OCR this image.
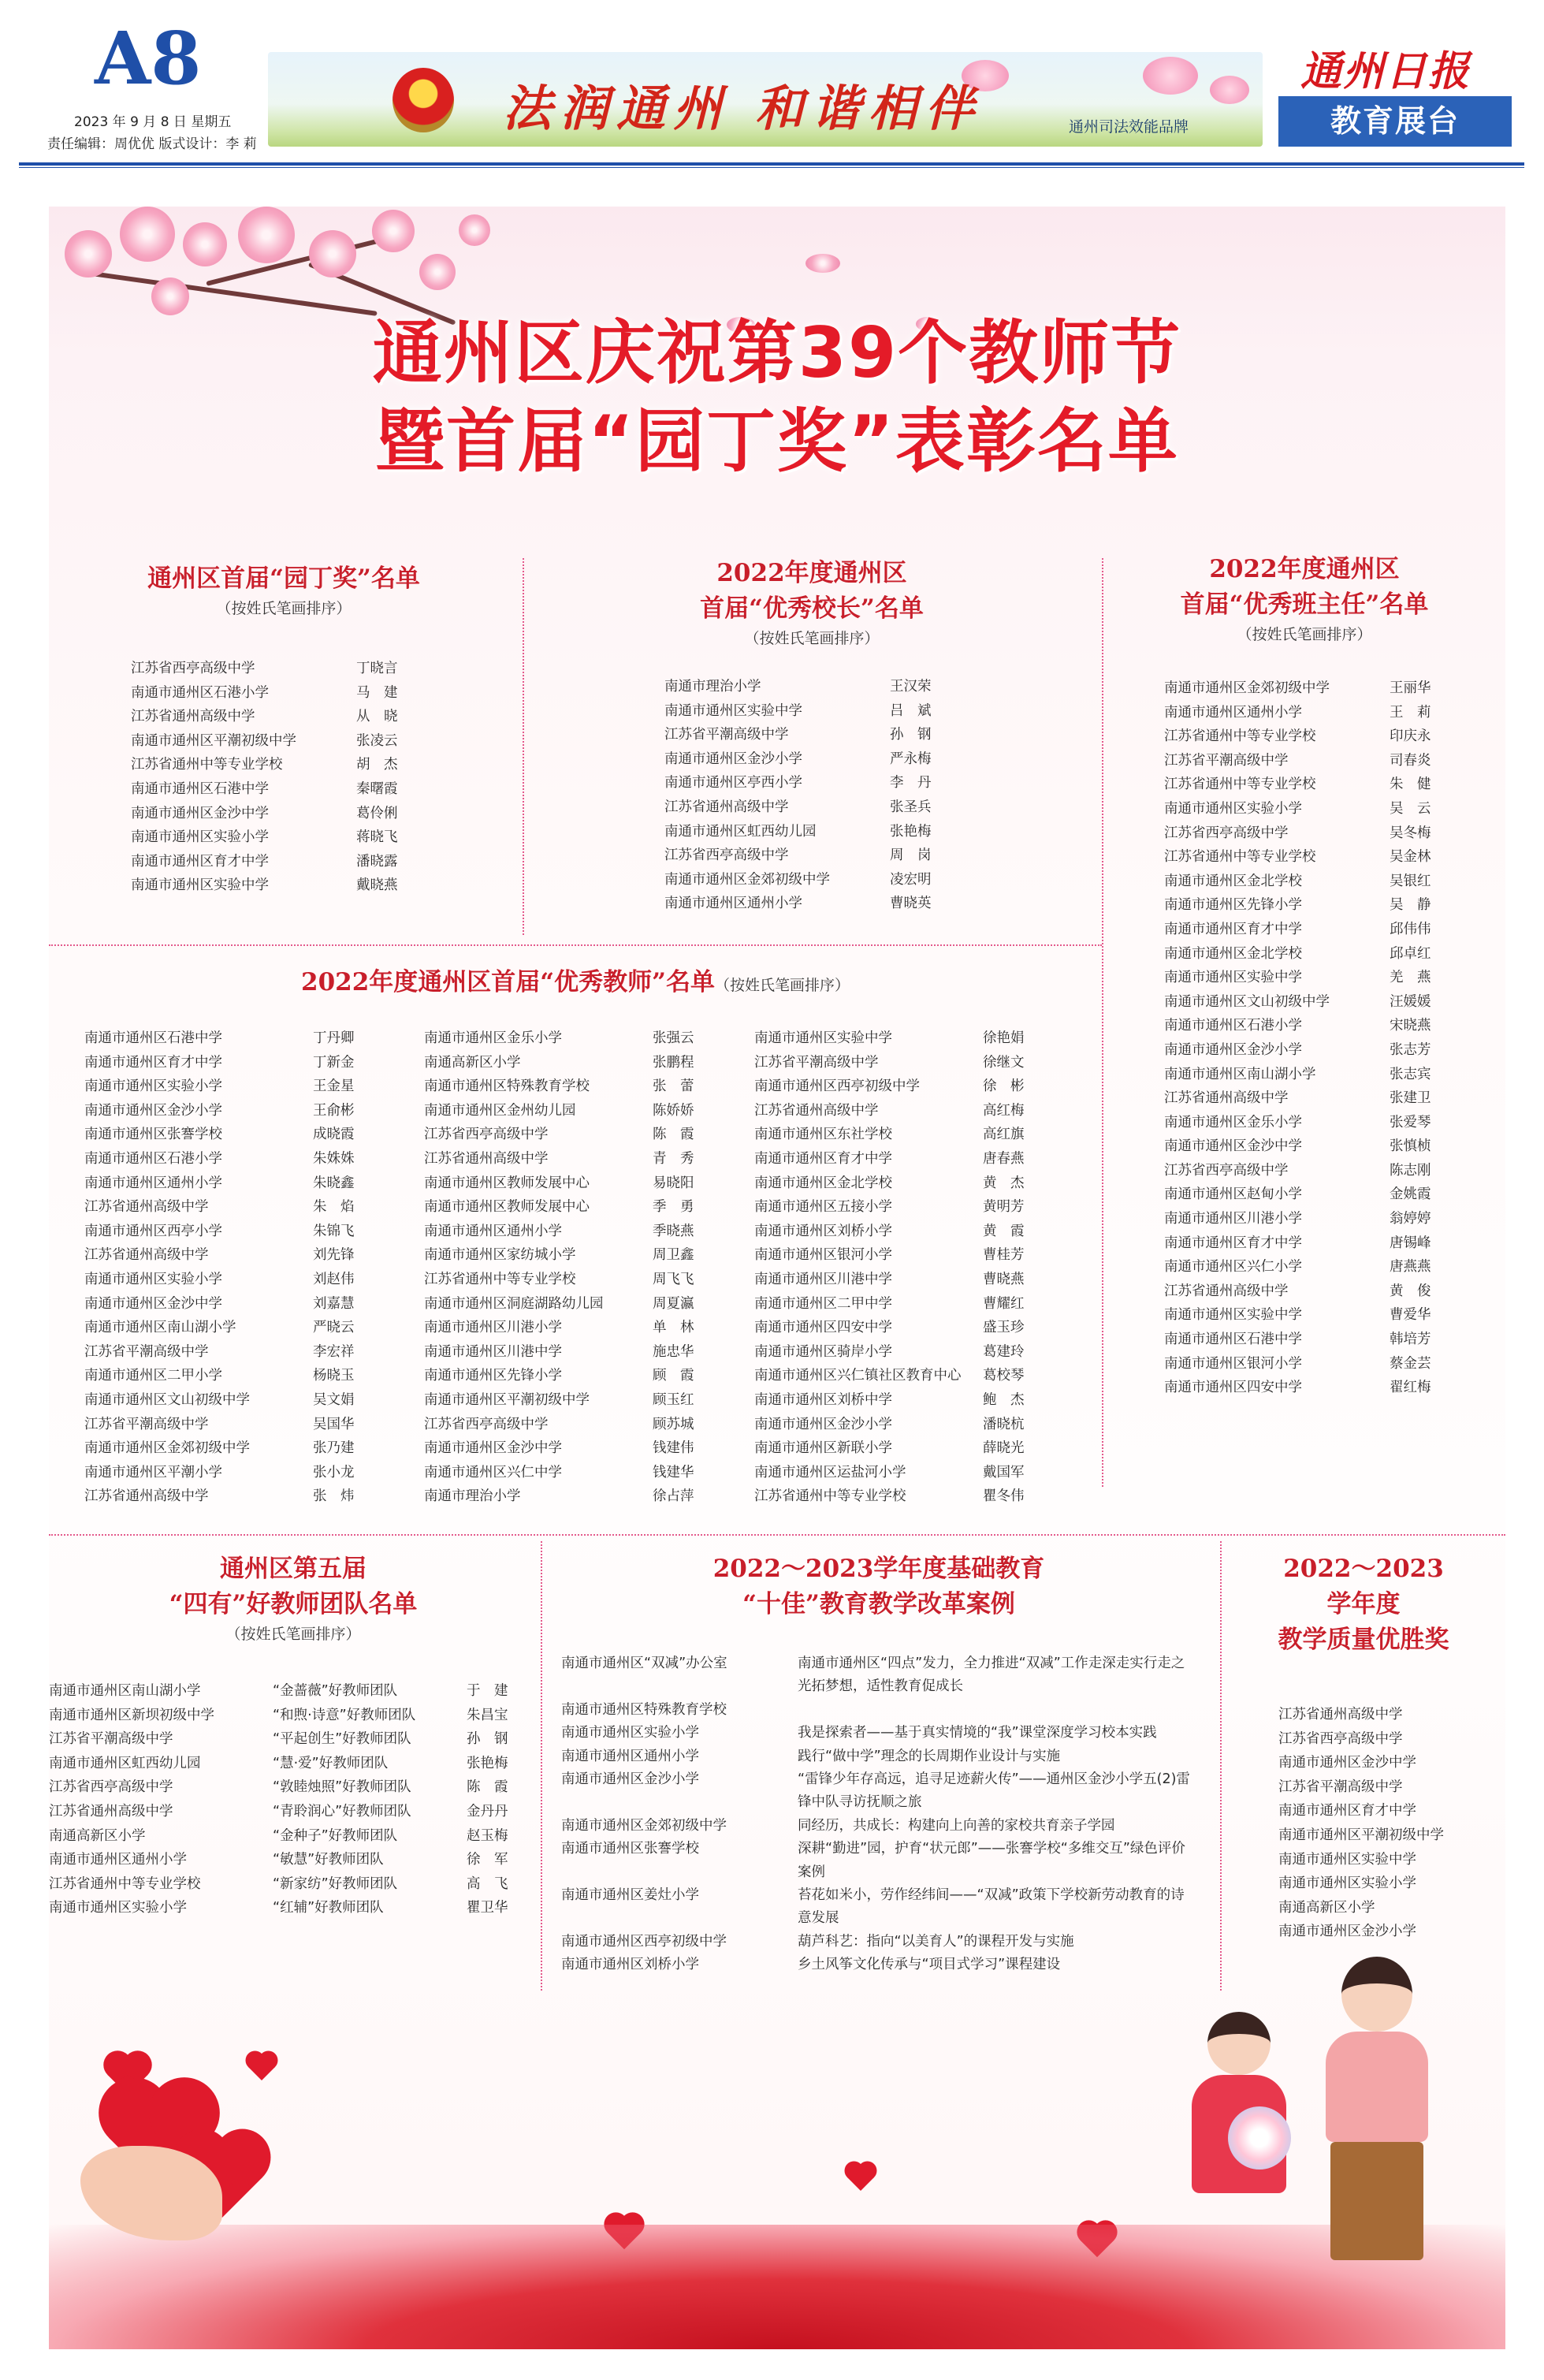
A8
2023 年 9 月 8 日 星期五
责任编辑：周优优 版式设计：李 莉
法润通州 和谐相伴	通州司法效能品牌
通州日报
教育展台
通州区庆祝第39个教师节
暨首届“园丁奖”表彰名单
通州区首届“园丁奖”名单
（按姓氏笔画排序）
江苏省西亭高级中学	丁晓言
南通市通州区石港小学	马　建
江苏省通州高级中学	从　晓
南通市通州区平潮初级中学	张凌云
江苏省通州中等专业学校	胡　杰
南通市通州区石港中学	秦曙霞
南通市通州区金沙中学	葛伶俐
南通市通州区实验小学	蒋晓飞
南通市通州区育才中学	潘晓露
南通市通州区实验中学	戴晓燕
2022年度通州区
首届“优秀校长”名单
（按姓氏笔画排序）
南通市理治小学	王汉荣
南通市通州区实验中学	吕　斌
江苏省平潮高级中学	孙　钢
南通市通州区金沙小学	严永梅
南通市通州区亭西小学	李　丹
江苏省通州高级中学	张圣兵
南通市通州区虹西幼儿园	张艳梅
江苏省西亭高级中学	周　岗
南通市通州区金郊初级中学	凌宏明
南通市通州区通州小学	曹晓英
2022年度通州区
首届“优秀班主任”名单
（按姓氏笔画排序）
南通市通州区金郊初级中学	王丽华
南通市通州区通州小学	王　莉
江苏省通州中等专业学校	印庆永
江苏省平潮高级中学	司春炎
江苏省通州中等专业学校	朱　健
南通市通州区实验小学	吴　云
江苏省西亭高级中学	吴冬梅
江苏省通州中等专业学校	吴金林
南通市通州区金北学校	吴银红
南通市通州区先锋小学	吴　静
南通市通州区育才中学	邱伟伟
南通市通州区金北学校	邱卓红
南通市通州区实验中学	羌　燕
南通市通州区文山初级中学	汪媛媛
南通市通州区石港小学	宋晓燕
南通市通州区金沙小学	张志芳
南通市通州区南山湖小学	张志宾
江苏省通州高级中学	张建卫
南通市通州区金乐小学	张爱琴
南通市通州区金沙中学	张慎桢
江苏省西亭高级中学	陈志刚
南通市通州区赵甸小学	金姚霞
南通市通州区川港小学	翁婷婷
南通市通州区育才中学	唐锡峰
南通市通州区兴仁小学	唐燕燕
江苏省通州高级中学	黄　俊
南通市通州区实验中学	曹爱华
南通市通州区石港中学	韩培芳
南通市通州区银河小学	蔡金芸
南通市通州区四安中学	翟红梅
2022年度通州区首届“优秀教师”名单（按姓氏笔画排序）
南通市通州区石港中学	丁丹卿
南通市通州区育才中学	丁新金
南通市通州区实验小学	王金星
南通市通州区金沙小学	王俞彬
南通市通州区张謇学校	成晓霞
南通市通州区石港小学	朱姝姝
南通市通州区通州小学	朱晓鑫
江苏省通州高级中学	朱　焰
南通市通州区西亭小学	朱锦飞
江苏省通州高级中学	刘先锋
南通市通州区实验小学	刘赵伟
南通市通州区金沙中学	刘嘉慧
南通市通州区南山湖小学	严晓云
江苏省平潮高级中学	李宏祥
南通市通州区二甲小学	杨晓玉
南通市通州区文山初级中学	吴文娟
江苏省平潮高级中学	吴国华
南通市通州区金郊初级中学	张乃建
南通市通州区平潮小学	张小龙
江苏省通州高级中学	张　炜
南通市通州区金乐小学	张强云
南通高新区小学	张鹏程
南通市通州区特殊教育学校	张　蕾
南通市通州区金州幼儿园	陈娇娇
江苏省西亭高级中学	陈　霞
江苏省通州高级中学	青　秀
南通市通州区教师发展中心	易晓阳
南通市通州区教师发展中心	季　勇
南通市通州区通州小学	季晓燕
南通市通州区家纺城小学	周卫鑫
江苏省通州中等专业学校	周飞飞
南通市通州区洞庭湖路幼儿园	周夏瀛
南通市通州区川港小学	单　林
南通市通州区川港中学	施忠华
南通市通州区先锋小学	顾　霞
南通市通州区平潮初级中学	顾玉红
江苏省西亭高级中学	顾苏城
南通市通州区金沙中学	钱建伟
南通市通州区兴仁中学	钱建华
南通市理治小学	徐占萍
南通市通州区实验中学	徐艳娟
江苏省平潮高级中学	徐继文
南通市通州区西亭初级中学	徐　彬
江苏省通州高级中学	高红梅
南通市通州区东社学校	高红旗
南通市通州区育才中学	唐春燕
南通市通州区金北学校	黄　杰
南通市通州区五接小学	黄明芳
南通市通州区刘桥小学	黄　霞
南通市通州区银河小学	曹桂芳
南通市通州区川港中学	曹晓燕
南通市通州区二甲中学	曹耀红
南通市通州区四安中学	盛玉珍
南通市通州区骑岸小学	葛建玲
南通市通州区兴仁镇社区教育中心	葛校琴
南通市通州区刘桥中学	鲍　杰
南通市通州区金沙小学	潘晓杭
南通市通州区新联小学	薛晓光
南通市通州区运盐河小学	戴国军
江苏省通州中等专业学校	瞿冬伟
通州区第五届
“四有”好教师团队名单
（按姓氏笔画排序）
南通市通州区南山湖小学	“金蔷薇”好教师团队	于　建
南通市通州区新坝初级中学	“和煦·诗意”好教师团队	朱昌宝
江苏省平潮高级中学	“平起创生”好教师团队	孙　钢
南通市通州区虹西幼儿园	“慧·爱”好教师团队	张艳梅
江苏省西亭高级中学	“敦睦烛照”好教师团队	陈　霞
江苏省通州高级中学	“青聆润心”好教师团队	金丹丹
南通高新区小学	“金种子”好教师团队	赵玉梅
南通市通州区通州小学	“敏慧”好教师团队	徐　军
江苏省通州中等专业学校	“新家纺”好教师团队	高　飞
南通市通州区实验小学	“红辅”好教师团队	瞿卫华
2022～2023学年度基础教育
“十佳”教育教学改革案例
南通市通州区“双减”办公室	南通市通州区“四点”发力，全力推进“双减”工作走深走实行走之光拓梦想，适性教育促成长
南通市通州区特殊教育学校
南通市通州区实验小学	我是探索者——基于真实情境的“我”课堂深度学习校本实践
南通市通州区通州小学	践行“做中学”理念的长周期作业设计与实施
南通市通州区金沙小学	“雷锋少年存高远，追寻足迹薪火传”——通州区金沙小学五(2)雷锋中队寻访抚顺之旅
南通市通州区金郊初级中学	同经历，共成长：构建向上向善的家校共育亲子学园
南通市通州区张謇学校	深耕“勤进”园，护育“状元郎”——张謇学校“多维交互”绿色评价案例
南通市通州区姜灶小学	苔花如米小，劳作经纬间——“双减”政策下学校新劳动教育的诗意发展
南通市通州区西亭初级中学	葫芦科艺：指向“以美育人”的课程开发与实施
南通市通州区刘桥小学	乡土风筝文化传承与“项目式学习”课程建设
2022～2023
学年度
教学质量优胜奖
江苏省通州高级中学
江苏省西亭高级中学
南通市通州区金沙中学
江苏省平潮高级中学
南通市通州区育才中学
南通市通州区平潮初级中学
南通市通州区实验中学
南通市通州区实验小学
南通高新区小学
南通市通州区金沙小学
